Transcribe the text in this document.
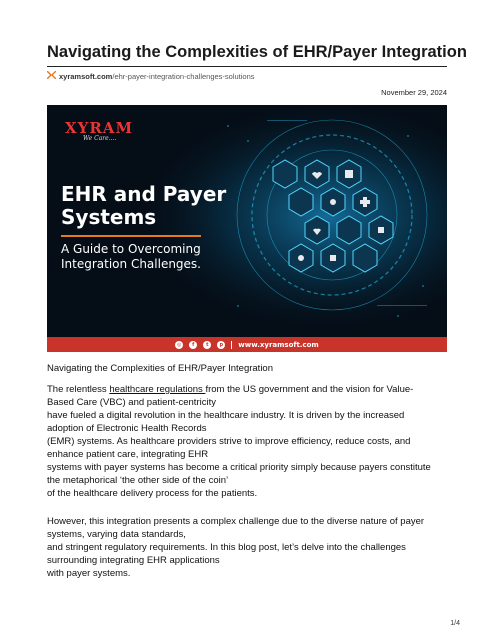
Navigating the Complexities of EHR/Payer Integration
xyramsoft.com/ehr-payer-integration-challenges-solutions
November 29, 2024
XYRAM
We Care....
EHR and Payer
Systems
A Guide to Overcoming
Integration Challenges.
◎	f	t	p	www.xyramsoft.com

Navigating the Complexities of EHR/Payer Integration

The relentless healthcare regulations from the US government and the vision for Value-
Based Care (VBC) and patient-centricity
have fueled a digital revolution in the healthcare industry. It is driven by the increased
adoption of Electronic Health Records
(EMR) systems. As healthcare providers strive to improve efficiency, reduce costs, and
enhance patient care, integrating EHR
systems with payer systems has become a critical priority simply because payers constitute
the metaphorical ‘the other side of the coin’
of the healthcare delivery process for the patients.
However, this integration presents a complex challenge due to the diverse nature of payer
systems, varying data standards,
and stringent regulatory requirements. In this blog post, let’s delve into the challenges
surrounding integrating EHR applications
with payer systems.
1/4
